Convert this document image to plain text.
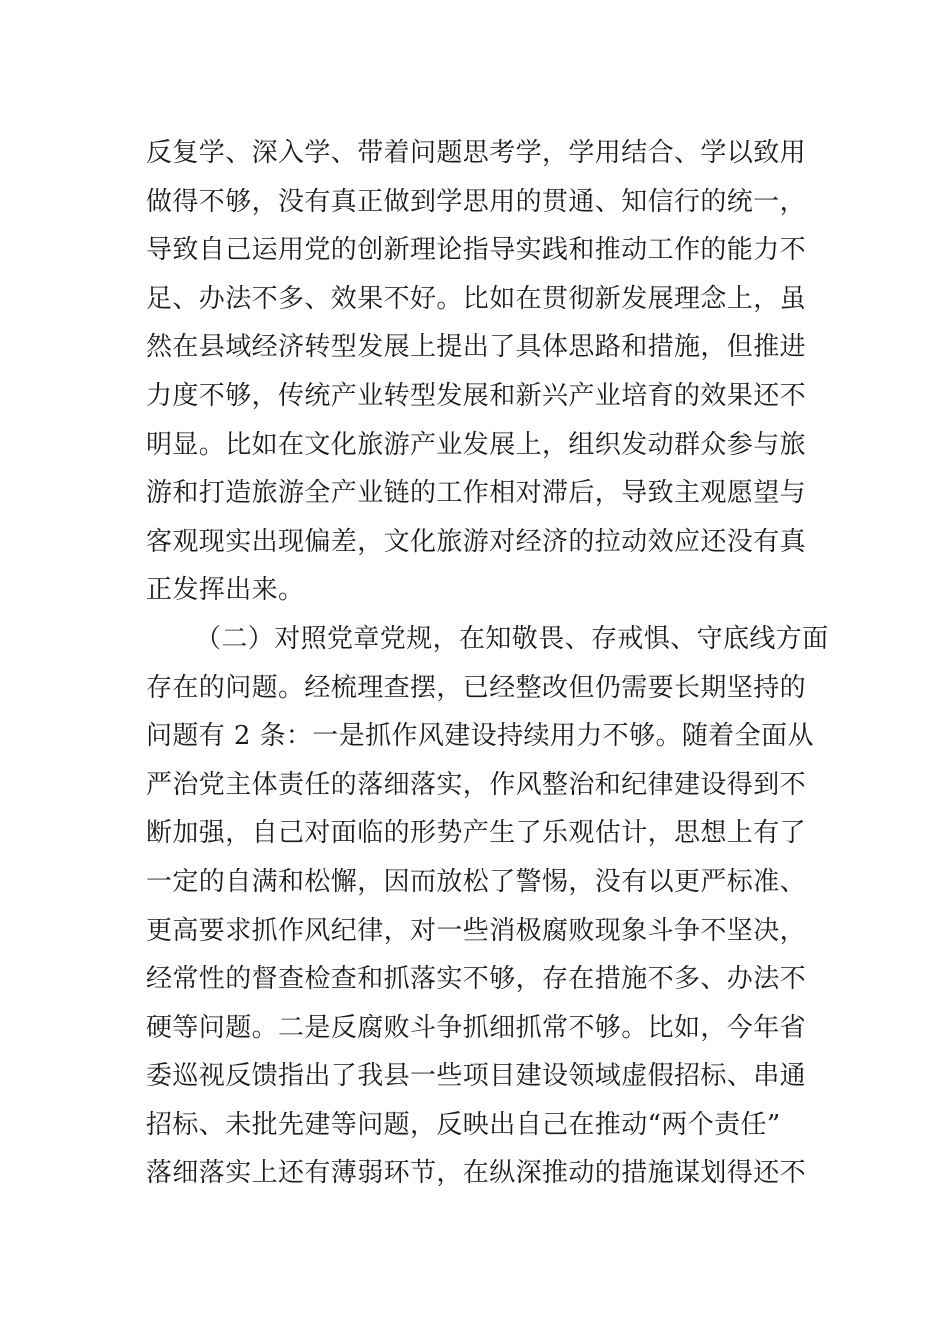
反复学、深入学、带着问题思考学，学用结合、学以致用
做得不够，没有真正做到学思用的贯通、知信行的统一，
导致自己运用党的创新理论指导实践和推动工作的能力不
足、办法不多、效果不好。比如在贯彻新发展理念上，虽
然在县域经济转型发展上提出了具体思路和措施，但推进
力度不够，传统产业转型发展和新兴产业培育的效果还不
明显。比如在文化旅游产业发展上，组织发动群众参与旅
游和打造旅游全产业链的工作相对滞后，导致主观愿望与
客观现实出现偏差，文化旅游对经济的拉动效应还没有真
正发挥出来。
（二）对照党章党规，在知敬畏、存戒惧、守底线方面
存在的问题。经梳理查摆，已经整改但仍需要长期坚持的
问题有 2 条：一是抓作风建设持续用力不够。随着全面从
严治党主体责任的落细落实，作风整治和纪律建设得到不
断加强，自己对面临的形势产生了乐观估计，思想上有了
一定的自满和松懈，因而放松了警惕，没有以更严标准、
更高要求抓作风纪律，对一些消极腐败现象斗争不坚决，
经常性的督查检查和抓落实不够，存在措施不多、办法不
硬等问题。二是反腐败斗争抓细抓常不够。比如，今年省
委巡视反馈指出了我县一些项目建设领域虚假招标、串通
招标、未批先建等问题，反映出自己在推动“两个责任”
落细落实上还有薄弱环节，在纵深推动的措施谋划得还不
